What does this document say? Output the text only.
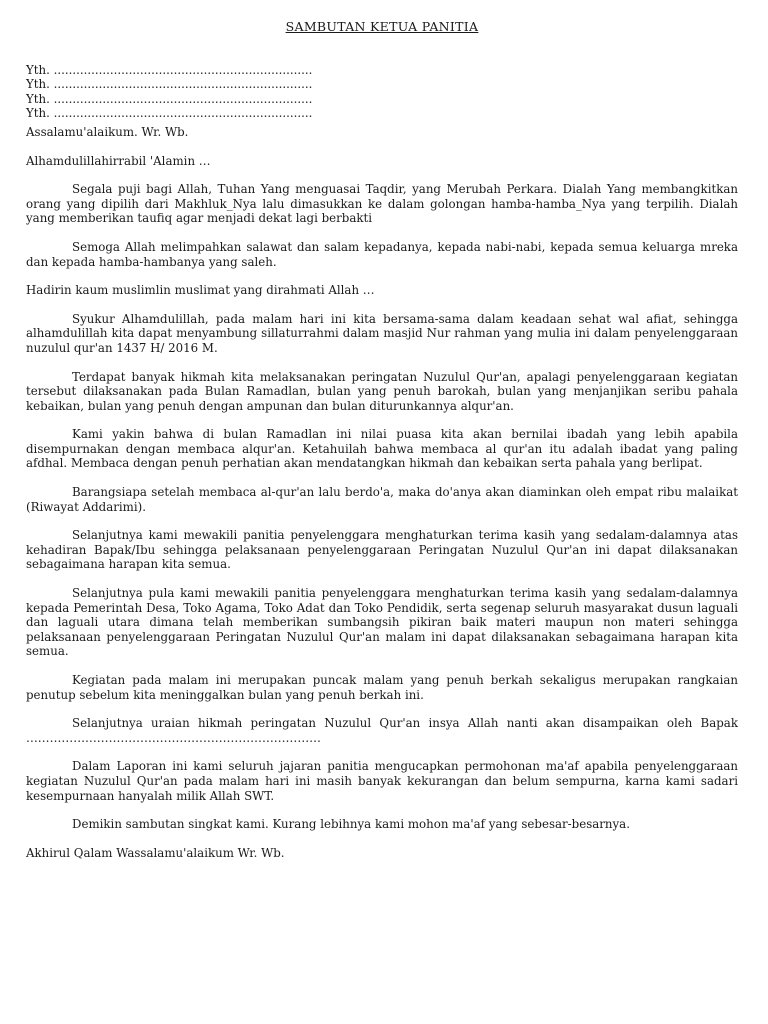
SAMBUTAN KETUA PANITIA
Yth. .....................................................................
Yth. .....................................................................
Yth. .....................................................................
Yth. .....................................................................

Assalamu'alaikum. Wr. Wb.

Alhamdulillahirrabil 'Alamin …

Segala puji bagi Allah, Tuhan Yang menguasai Taqdir, yang Merubah Perkara. Dialah Yang membangkitkan orang yang dipilih dari Makhluk_Nya lalu dimasukkan ke dalam golongan hamba-hamba_Nya yang terpilih. Dialah yang memberikan taufiq agar menjadi dekat lagi berbakti

Semoga Allah melimpahkan salawat dan salam kepadanya, kepada nabi-nabi, kepada semua keluarga mreka dan kepada hamba-hambanya yang saleh.

Hadirin kaum muslimlin muslimat yang dirahmati Allah …

Syukur Alhamdulillah, pada malam hari ini kita bersama-sama dalam keadaan sehat wal afiat, sehingga alhamdulillah kita dapat menyambung sillaturrahmi dalam masjid Nur rahman yang mulia ini dalam penyelenggaraan nuzulul qur'an 1437 H/ 2016 M.

Terdapat banyak hikmah kita melaksanakan peringatan Nuzulul Qur'an, apalagi penyelenggaraan kegiatan tersebut dilaksanakan pada Bulan Ramadlan, bulan yang penuh barokah, bulan yang menjanjikan seribu pahala kebaikan, bulan yang penuh dengan ampunan dan bulan diturunkannya alqur'an.

Kami yakin bahwa di bulan Ramadlan ini nilai puasa kita akan bernilai ibadah yang lebih apabila disempurnakan dengan membaca alqur'an. Ketahuilah bahwa membaca al qur'an itu adalah ibadat yang paling afdhal. Membaca dengan penuh perhatian akan mendatangkan hikmah dan kebaikan serta pahala yang berlipat.

Barangsiapa setelah membaca al-qur'an lalu berdo'a, maka do'anya akan diaminkan oleh empat ribu malaikat (Riwayat Addarimi).

Selanjutnya kami mewakili panitia penyelenggara menghaturkan terima kasih yang sedalam-dalamnya atas kehadiran Bapak/Ibu sehingga pelaksanaan penyelenggaraan Peringatan Nuzulul Qur'an ini dapat dilaksanakan sebagaimana harapan kita semua.

Selanjutnya pula kami mewakili panitia penyelenggara menghaturkan terima kasih yang sedalam-dalamnya kepada Pemerintah Desa, Toko Agama, Toko Adat dan Toko Pendidik, serta segenap seluruh masyarakat dusun laguali dan laguali utara dimana telah memberikan sumbangsih pikiran baik materi maupun non materi sehingga pelaksanaan penyelenggaraan Peringatan Nuzulul Qur'an malam ini dapat dilaksanakan sebagaimana harapan kita semua.

Kegiatan pada malam ini merupakan puncak malam yang penuh berkah sekaligus merupakan rangkaian penutup sebelum kita meninggalkan bulan yang penuh berkah ini.

Selanjutnya uraian hikmah peringatan Nuzulul Qur'an insya Allah nanti akan disampaikan oleh Bapak …………………………………………………………………

Dalam Laporan ini kami seluruh jajaran panitia mengucapkan permohonan ma'af apabila penyelenggaraan kegiatan Nuzulul Qur'an pada malam hari ini masih banyak kekurangan dan belum sempurna, karna kami sadari kesempurnaan hanyalah milik Allah SWT.

Demikin sambutan singkat kami. Kurang lebihnya kami mohon ma'af yang sebesar-besarnya.

Akhirul Qalam Wassalamu'alaikum Wr. Wb.
